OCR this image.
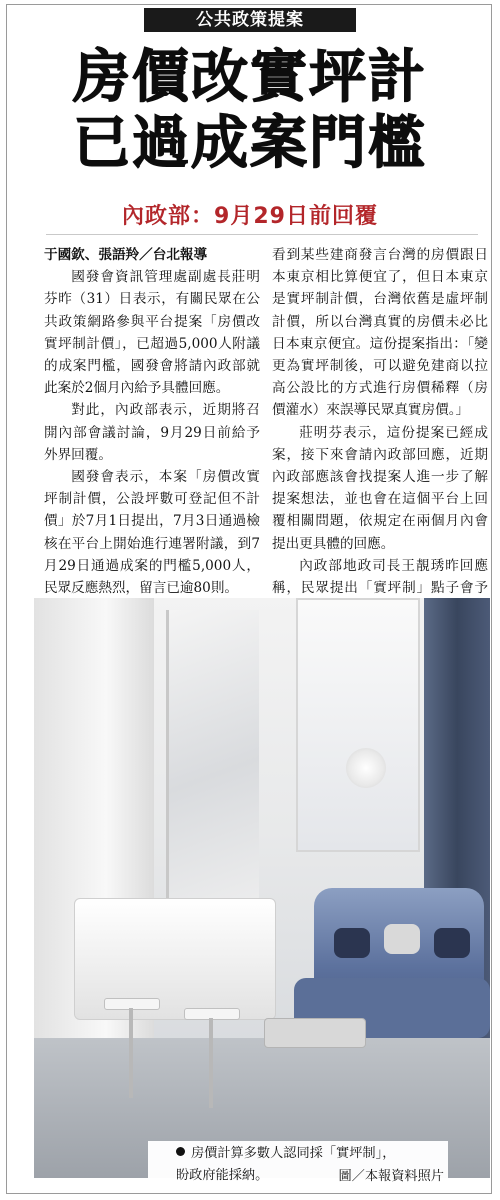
公共政策提案
房價改實坪計
已過成案門檻
內政部：9月29日前回覆

于國欽、張語羚／台北報導

國發會資訊管理處副處長莊明芬昨（31）日表示，有關民眾在公共政策網路參與平台提案「房價改實坪制計價」，已超過5,000人附議的成案門檻，國發會將請內政部就此案於2個月內給予具體回應。

對此，內政部表示，近期將召開內部會議討論，9月29日前給予外界回覆。

國發會表示，本案「房價改實坪制計價，公設坪數可登記但不計價」於7月1日提出，7月3日通過檢核在平台上開始進行連署附議，到7月29日通過成案的門檻5,000人，民眾反應熱烈，留言已逾80則。

看到某些建商發言台灣的房價跟日本東京相比算便宜了，但日本東京是實坪制計價，台灣依舊是虛坪制計價，所以台灣真實的房價未必比日本東京便宜。這份提案指出：「變更為實坪制後，可以避免建商以拉高公設比的方式進行房價稀釋（房價灌水）來誤導民眾真實房價。」

莊明芬表示，這份提案已經成案，接下來會請內政部回應，近期內政部應該會找提案人進一步了解提案想法，並也會在這個平台上回覆相關問題，依規定在兩個月內會提出更具體的回應。

內政部地政司長王靚琇昨回應稱，民眾提出「實坪制」點子會予

房價計算多數人認同採「實坪制」，
盼政府能採納。	圖／本報資料照片
